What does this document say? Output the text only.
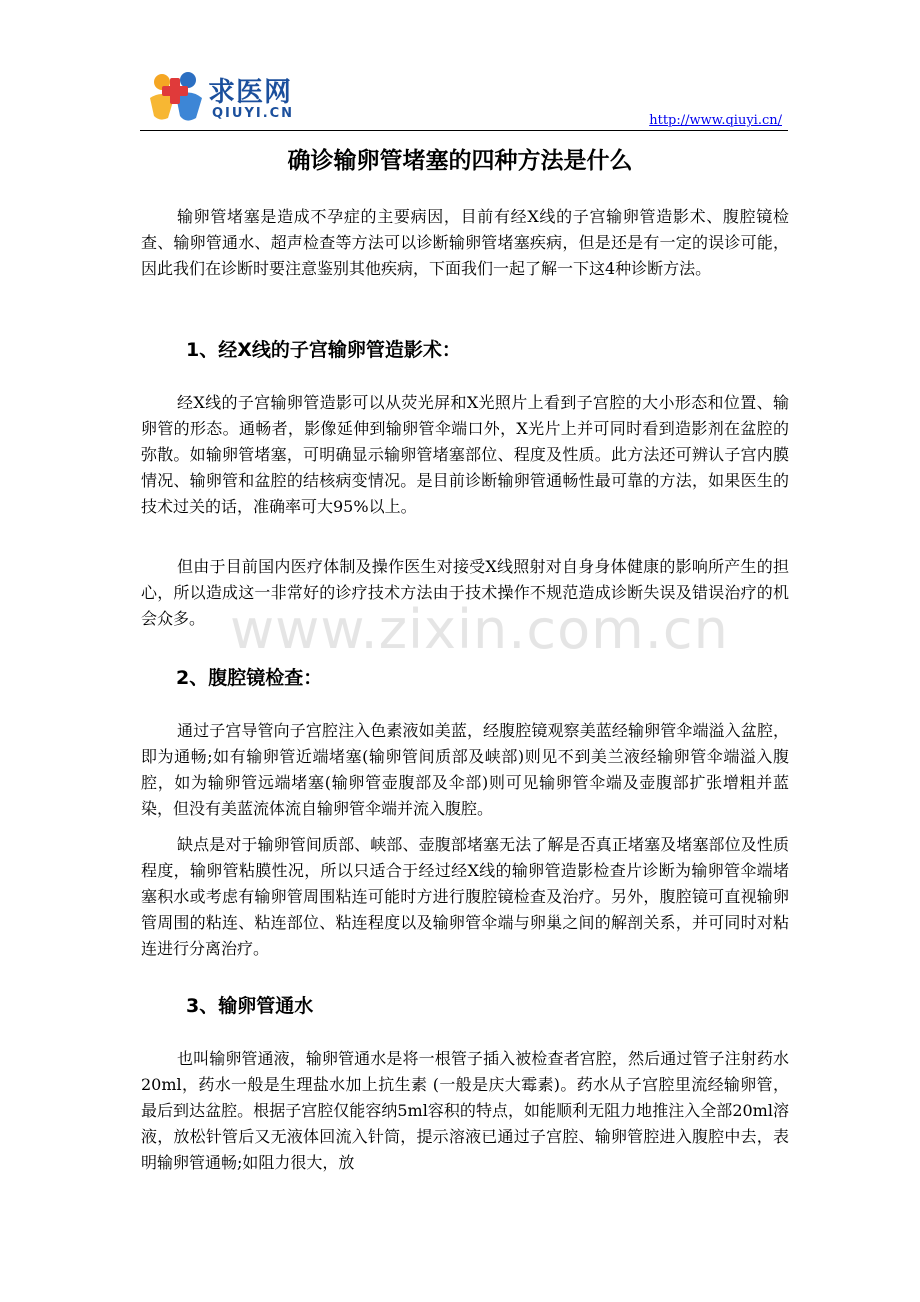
求医网
QIUYI.CN	http://www.qiuyi.cn/
确诊输卵管堵塞的四种方法是什么

输卵管堵塞是造成不孕症的主要病因，目前有经X线的子宫输卵管造影术、腹腔镜检查、输卵管通水、超声检查等方法可以诊断输卵管堵塞疾病，但是还是有一定的误诊可能，因此我们在诊断时要注意鉴别其他疾病，下面我们一起了解一下这4种诊断方法。

1、经X线的子宫输卵管造影术：

经X线的子宫输卵管造影可以从荧光屏和X光照片上看到子宫腔的大小形态和位置、输卵管的形态。通畅者，影像延伸到输卵管伞端口外，X光片上并可同时看到造影剂在盆腔的弥散。如输卵管堵塞，可明确显示输卵管堵塞部位、程度及性质。此方法还可辨认子宫内膜情况、输卵管和盆腔的结核病变情况。是目前诊断输卵管通畅性最可靠的方法，如果医生的技术过关的话，准确率可大95%以上。

但由于目前国内医疗体制及操作医生对接受X线照射对自身身体健康的影响所产生的担心，所以造成这一非常好的诊疗技术方法由于技术操作不规范造成诊断失误及错误治疗的机会众多。

2、腹腔镜检查：

通过子宫导管向子宫腔注入色素液如美蓝，经腹腔镜观察美蓝经输卵管伞端溢入盆腔，即为通畅;如有输卵管近端堵塞(输卵管间质部及峡部)则见不到美兰液经输卵管伞端溢入腹腔，如为输卵管远端堵塞(输卵管壶腹部及伞部)则可见输卵管伞端及壶腹部扩张增粗并蓝染，但没有美蓝流体流自输卵管伞端并流入腹腔。

缺点是对于输卵管间质部、峡部、壶腹部堵塞无法了解是否真正堵塞及堵塞部位及性质程度，输卵管粘膜性况，所以只适合于经过经X线的输卵管造影检查片诊断为输卵管伞端堵塞积水或考虑有输卵管周围粘连可能时方进行腹腔镜检查及治疗。另外，腹腔镜可直视输卵管周围的粘连、粘连部位、粘连程度以及输卵管伞端与卵巢之间的解剖关系，并可同时对粘连进行分离治疗。

3、输卵管通水

也叫输卵管通液，输卵管通水是将一根管子插入被检查者宫腔，然后通过管子注射药水20ml，药水一般是生理盐水加上抗生素 (一般是庆大霉素)。药水从子宫腔里流经输卵管，最后到达盆腔。根据子宫腔仅能容纳5ml容积的特点，如能顺利无阻力地推注入全部20ml溶液，放松针管后又无液体回流入针筒，提示溶液已通过子宫腔、输卵管腔进入腹腔中去，表明输卵管通畅;如阻力很大，放

www.zixin.com.cn
